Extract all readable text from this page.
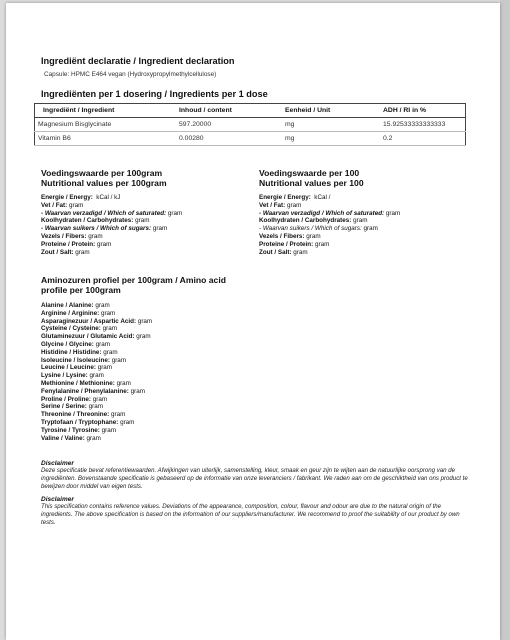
Ingrediënt declaratie / Ingredient declaration
Capsule: HPMC E464 vegan (Hydroxypropylmethylcellulose)
Ingrediënten per 1 dosering / Ingredients per 1 dose
Ingrediënt / Ingredient	Inhoud / content	Eenheid / Unit	ADH / RI in %
Magnesium Bisglycinate	597.20000	mg	15.92533333333333
Vitamin B6	0.00280	mg	0.2
Voedingswaarde per 100gram
Nutritional values per 100gram
Energie / Energy: kCal / kJ
Vet / Fat: gram
- Waarvan verzadigd / Which of saturated: gram
Koolhydraten / Carbohydrates: gram
- Waarvan suikers / Which of sugars: gram
Vezels / Fibers: gram
Proteine / Protein: gram
Zout / Salt: gram
Voedingswaarde per 100
Nutritional values per 100
Energie / Energy: kCal /
Vet / Fat: gram
- Waarvan verzadigd / Which of saturated: gram
Koolhydraten / Carbohydrates: gram
- Waarvan suikers / Which of sugars: gram
Vezels / Fibers: gram
Proteine / Protein: gram
Zout / Salt: gram
Aminozuren profiel per 100gram / Amino acid
profile per 100gram
Alanine / Alanine: gram
Arginine / Arginine: gram
Asparaginezuur / Aspartic Acid: gram
Cysteine / Cysteine: gram
Glutaminezuur / Glutamic Acid: gram
Glycine / Glycine: gram
Histidine / Histidine: gram
Isoleucine / Isoleucine: gram
Leucine / Leucine: gram
Lysine / Lysine: gram
Methionine / Methionine: gram
Fenylalanine / Phenylalanine: gram
Proline / Proline: gram
Serine / Serine: gram
Threonine / Threonine: gram
Tryptofaan / Tryptophane: gram
Tyrosine / Tyrosine: gram
Valine / Valine: gram
Disclaimer
Deze specificatie bevat referentiewaarden. Afwijkingen van uiterlijk, samenstelling, kleur, smaak en geur zijn te wijten aan de natuurlijke oorsprong van de ingrediënten. Bovenstaande specificatie is gebaseerd op de informatie van onze leveranciers / fabrikant. We raden aan om de geschiktheid van ons product te bewijzen door middel van eigen tests.
Disclaimer
This specification contains reference values. Deviations of the appearance, composition, colour, flavour and odour are due to the natural origin of the ingredients. The above specification is based on the information of our suppliers/manufacturer. We recommend to proof the suitability of our product by own tests.
